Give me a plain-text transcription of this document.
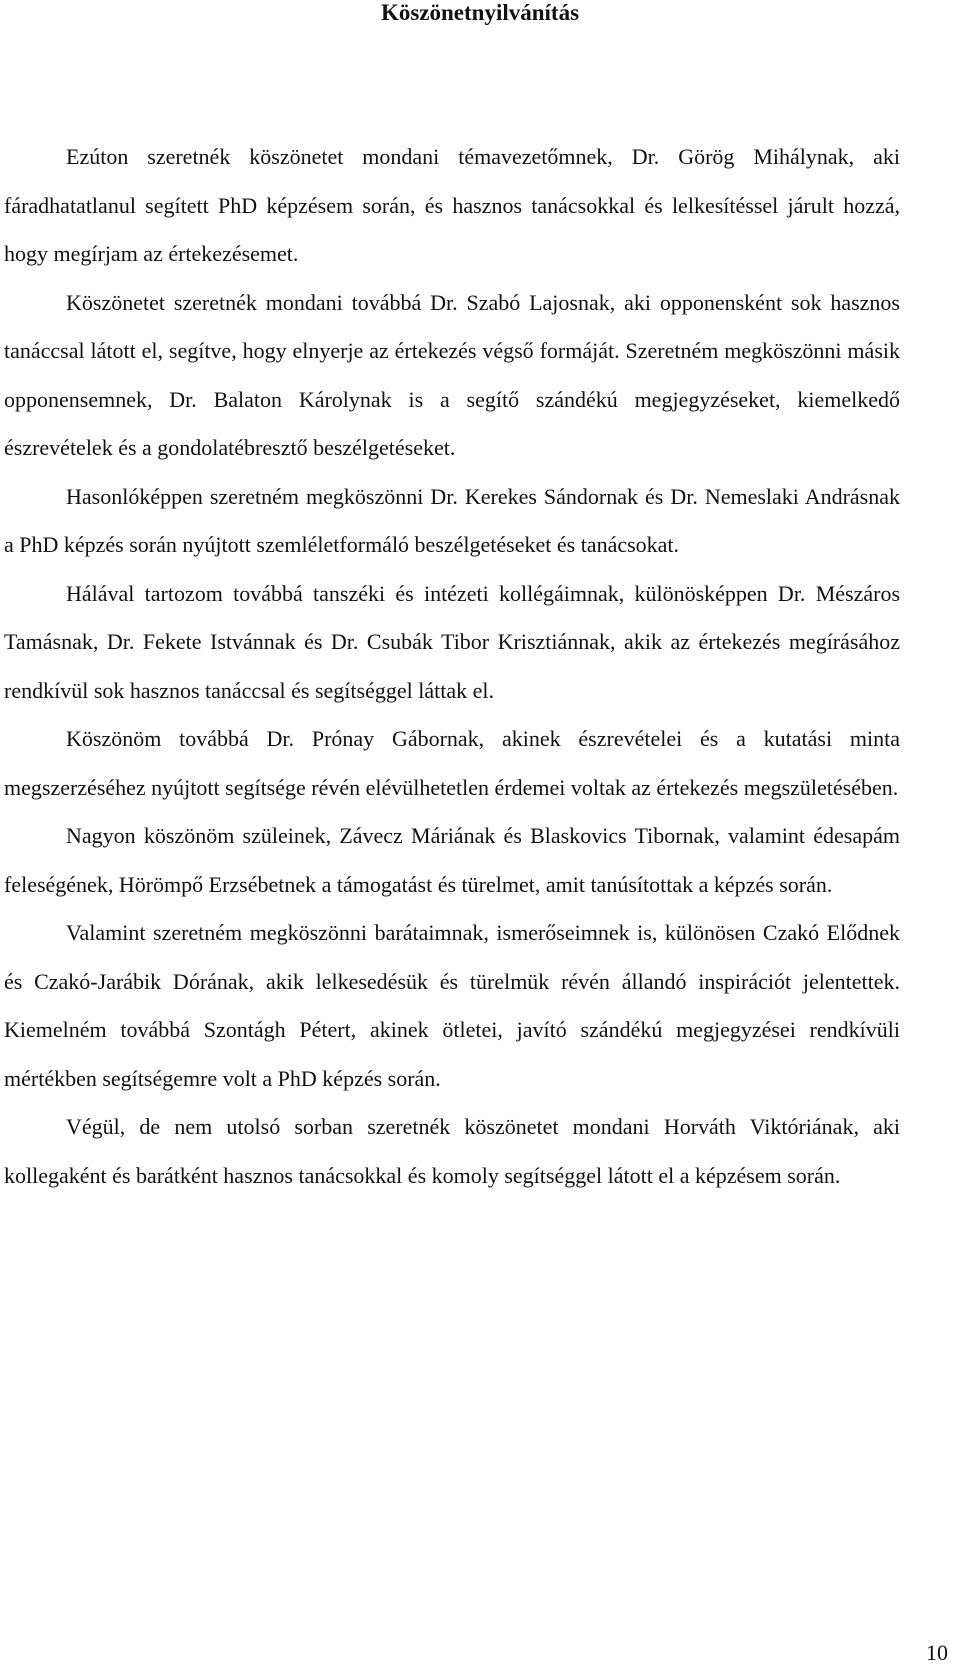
Köszönetnyilvánítás

Ezúton szeretnék köszönetet mondani témavezetőmnek, Dr. Görög Mihálynak, aki fáradhatatlanul segített PhD képzésem során, és hasznos tanácsokkal és lelkesítéssel járult hozzá, hogy megírjam az értekezésemet.

Köszönetet szeretnék mondani továbbá Dr. Szabó Lajosnak, aki opponensként sok hasznos tanáccsal látott el, segítve, hogy elnyerje az értekezés végső formáját. Szeretném megköszönni másik opponensemnek, Dr. Balaton Károlynak is a segítő szándékú megjegyzéseket, kiemelkedő észrevételek és a gondolatébresztő beszélgetéseket.

Hasonlóképpen szeretném megköszönni Dr. Kerekes Sándornak és Dr. Nemeslaki Andrásnak a PhD képzés során nyújtott szemléletformáló beszélgetéseket és tanácsokat.

Hálával tartozom továbbá tanszéki és intézeti kollégáimnak, különösképpen Dr. Mészáros Tamásnak, Dr. Fekete Istvánnak és Dr. Csubák Tibor Krisztiánnak, akik az értekezés megírásához rendkívül sok hasznos tanáccsal és segítséggel láttak el.

Köszönöm továbbá Dr. Prónay Gábornak, akinek észrevételei és a kutatási minta megszerzéséhez nyújtott segítsége révén elévülhetetlen érdemei voltak az értekezés megszületésében.

Nagyon köszönöm szüleinek, Závecz Máriának és Blaskovics Tibornak, valamint édesapám feleségének, Hörömpő Erzsébetnek a támogatást és türelmet, amit tanúsítottak a képzés során.

Valamint szeretném megköszönni barátaimnak, ismerőseimnek is, különösen Czakó Elődnek és Czakó-Jarábik Dórának, akik lelkesedésük és türelmük révén állandó inspirációt jelentettek. Kiemelném továbbá Szontágh Pétert, akinek ötletei, javító szándékú megjegyzései rendkívüli mértékben segítségemre volt a PhD képzés során.

Végül, de nem utolsó sorban szeretnék köszönetet mondani Horváth Viktóriának, aki kollegaként és barátként hasznos tanácsokkal és komoly segítséggel látott el a képzésem során.

10
